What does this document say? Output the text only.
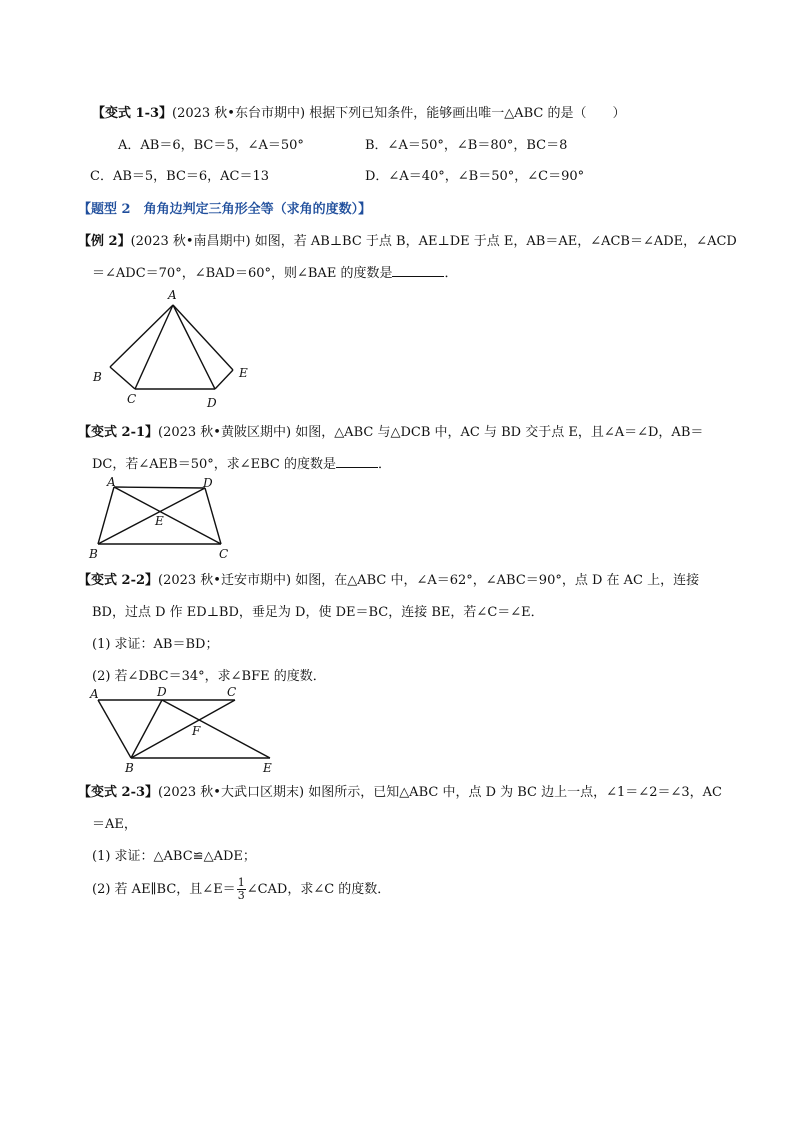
【变式 1-3】(2023 秋•东台市期中) 根据下列已知条件，能够画出唯一△ABC 的是（　　）
A．AB＝6，BC＝5，∠A＝50°	B．∠A＝50°，∠B＝80°，BC＝8
C．AB＝5，BC＝6，AC＝13	D．∠A＝40°，∠B＝50°，∠C＝90°
【题型 2　角角边判定三角形全等（求角的度数）】
【例 2】(2023 秋•南昌期中) 如图，若 AB⊥BC 于点 B，AE⊥DE 于点 E，AB＝AE，∠ACB＝∠ADE，∠ACD
＝∠ADC＝70°，∠BAD＝60°，则∠BAE 的度数是	．
A
B
C	D
E
【变式 2-1】(2023 秋•黄陂区期中) 如图，△ABC 与△DCB 中，AC 与 BD 交于点 E，且∠A＝∠D，AB＝
DC，若∠AEB＝50°，求∠EBC 的度数是	．
A	D
E
B	C
【变式 2-2】(2023 秋•迁安市期中) 如图，在△ABC 中，∠A＝62°，∠ABC＝90°，点 D 在 AC 上，连接
BD，过点 D 作 ED⊥BD，垂足为 D，使 DE＝BC，连接 BE，若∠C＝∠E．
(1) 求证：AB＝BD；
(2) 若∠DBC＝34°，求∠BFE 的度数．
A	D	C
F
B	E
【变式 2-3】(2023 秋•大武口区期末) 如图所示，已知△ABC 中，点 D 为 BC 边上一点，∠1＝∠2＝∠3，AC
＝AE，
(1) 求证：△ABC≌△ADE；
(2) 若 AE∥BC，且∠E＝ $\frac{1}{3}$ ∠CAD，求∠C 的度数．
